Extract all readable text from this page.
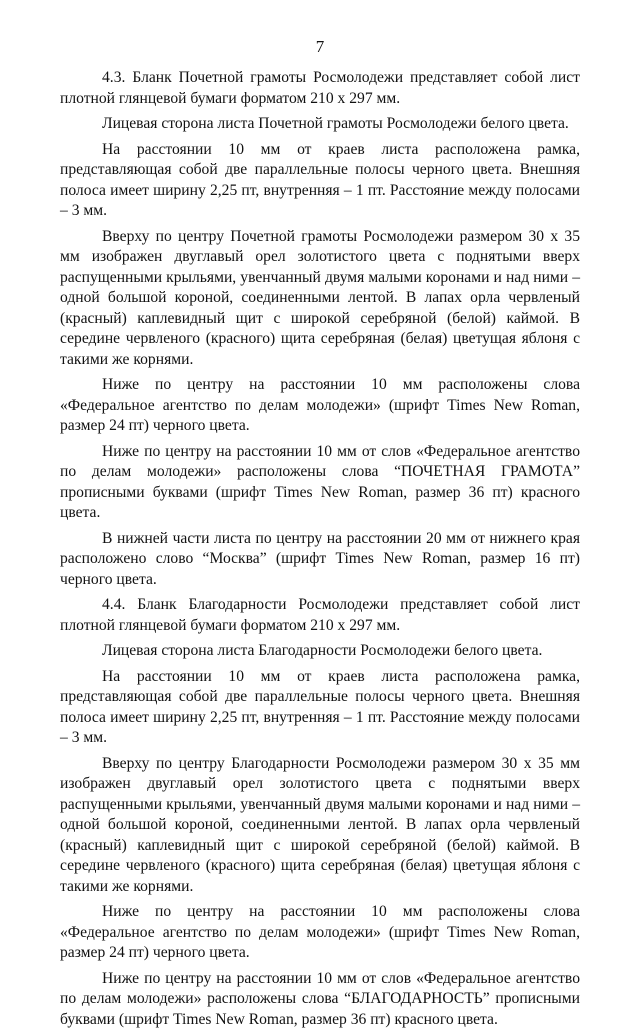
7

4.3. Бланк Почетной грамоты Росмолодежи представляет собой лист плотной глянцевой бумаги форматом 210 х 297 мм.

Лицевая сторона листа Почетной грамоты Росмолодежи белого цвета.

На расстоянии 10 мм от краев листа расположена рамка, представляющая собой две параллельные полосы черного цвета. Внешняя полоса имеет ширину 2,25 пт, внутренняя – 1 пт. Расстояние между полосами – 3 мм.

Вверху по центру Почетной грамоты Росмолодежи размером 30 х 35 мм изображен двуглавый орел золотистого цвета с поднятыми вверх распущенными крыльями, увенчанный двумя малыми коронами и над ними – одной большой короной, соединенными лентой. В лапах орла червленый (красный) каплевидный щит с широкой серебряной (белой) каймой. В середине червленого (красного) щита серебряная (белая) цветущая яблоня с такими же корнями.

Ниже по центру на расстоянии 10 мм расположены слова «Федеральное агентство по делам молодежи» (шрифт Times New Roman, размер 24 пт) черного цвета.

Ниже по центру на расстоянии 10 мм от слов «Федеральное агентство по делам молодежи» расположены слова “ПОЧЕТНАЯ ГРАМОТА” прописными буквами (шрифт Times New Roman, размер 36 пт) красного цвета.

В нижней части листа по центру на расстоянии 20 мм от нижнего края расположено слово “Москва” (шрифт Times New Roman, размер 16 пт) черного цвета.

4.4. Бланк Благодарности Росмолодежи представляет собой лист плотной глянцевой бумаги форматом 210 х 297 мм.

Лицевая сторона листа Благодарности Росмолодежи белого цвета.

На расстоянии 10 мм от краев листа расположена рамка, представляющая собой две параллельные полосы черного цвета. Внешняя полоса имеет ширину 2,25 пт, внутренняя – 1 пт. Расстояние между полосами – 3 мм.

Вверху по центру Благодарности Росмолодежи размером 30 х 35 мм изображен двуглавый орел золотистого цвета с поднятыми вверх распущенными крыльями, увенчанный двумя малыми коронами и над ними – одной большой короной, соединенными лентой. В лапах орла червленый (красный) каплевидный щит с широкой серебряной (белой) каймой. В середине червленого (красного) щита серебряная (белая) цветущая яблоня с такими же корнями.

Ниже по центру на расстоянии 10 мм расположены слова «Федеральное агентство по делам молодежи» (шрифт Times New Roman, размер 24 пт) черного цвета.

Ниже по центру на расстоянии 10 мм от слов «Федеральное агентство по делам молодежи» расположены слова “БЛАГОДАРНОСТЬ” прописными буквами (шрифт Times New Roman, размер 36 пт) красного цвета.
